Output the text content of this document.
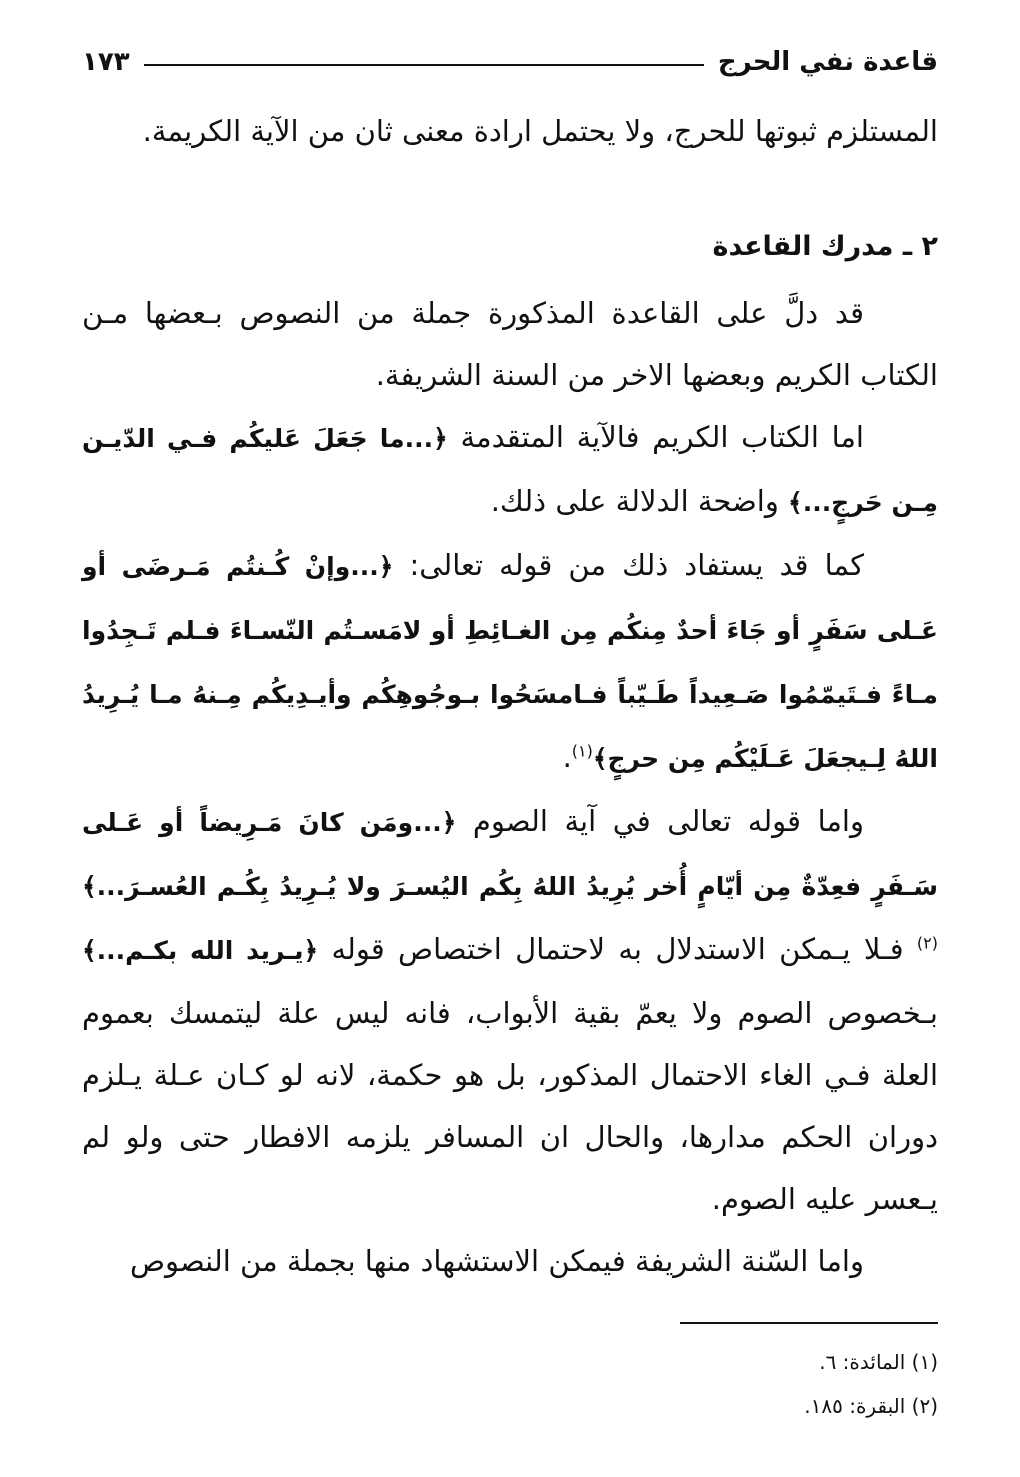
قاعدة نفي الحرج
١٧٣

المستلزم ثبوتها للحرج، ولا يحتمل ارادة معنى ثان من الآية الكريمة.

٢ ـ مدرك القاعدة

قد دلَّ على القاعدة المذكورة جملة من النصوص بـعضها مـن الكتاب الكريم وبعضها الاخر من السنة الشريفة.

اما الكتاب الكريم فالآية المتقدمة ﴿...ما جَعَلَ عَليكُم فـي الدّيـن مِـن حَرجٍ...﴾ واضحة الدلالة على ذلك.

كما قد يستفاد ذلك من قوله تعالى: ﴿...وإنْ كُـنتُم مَـرضَى أو عَـلى سَفَرٍ أو جَاءَ أحدٌ مِنكُم مِن الغـائِطِ أو لامَسـتُم النّسـاءَ فـلم تَـجِدُوا مـاءً فـتَيمّمُوا صَـعِيداً طَـيّباً فـامسَحُوا بـوجُوهِكُم وأيـدِيكُم مِـنهُ مـا يُـرِيدُ اللهُ لِـيجعَلَ عَـلَيْكُم مِن حرجٍ﴾$^{(١)}$.

واما قوله تعالى في آية الصوم ﴿...ومَن كانَ مَـرِيضاً أو عَـلى سَـفَرٍ فعِدّةٌ مِن أيّامٍ أُخر يُرِيدُ اللهُ بِكُم اليُسـرَ ولا يُـرِيدُ بِكُـم العُسـرَ...﴾$^{(٢)}$ فـلا يـمكن الاستدلال به لاحتمال اختصاص قوله ﴿يـريد الله بكـم...﴾ بـخصوص الصوم ولا يعمّ بقية الأبواب، فانه ليس علة ليتمسك بعموم العلة فـي الغاء الاحتمال المذكور، بل هو حكمة، لانه لو كـان عـلة يـلزم دوران الحكم مدارها، والحال ان المسافر يلزمه الافطار حتى ولو لم يـعسر عليه الصوم.

واما السّنة الشريفة فيمكن الاستشهاد منها بجملة من النصوص

(١) المائدة: ٦.

(٢) البقرة: ١٨٥.
